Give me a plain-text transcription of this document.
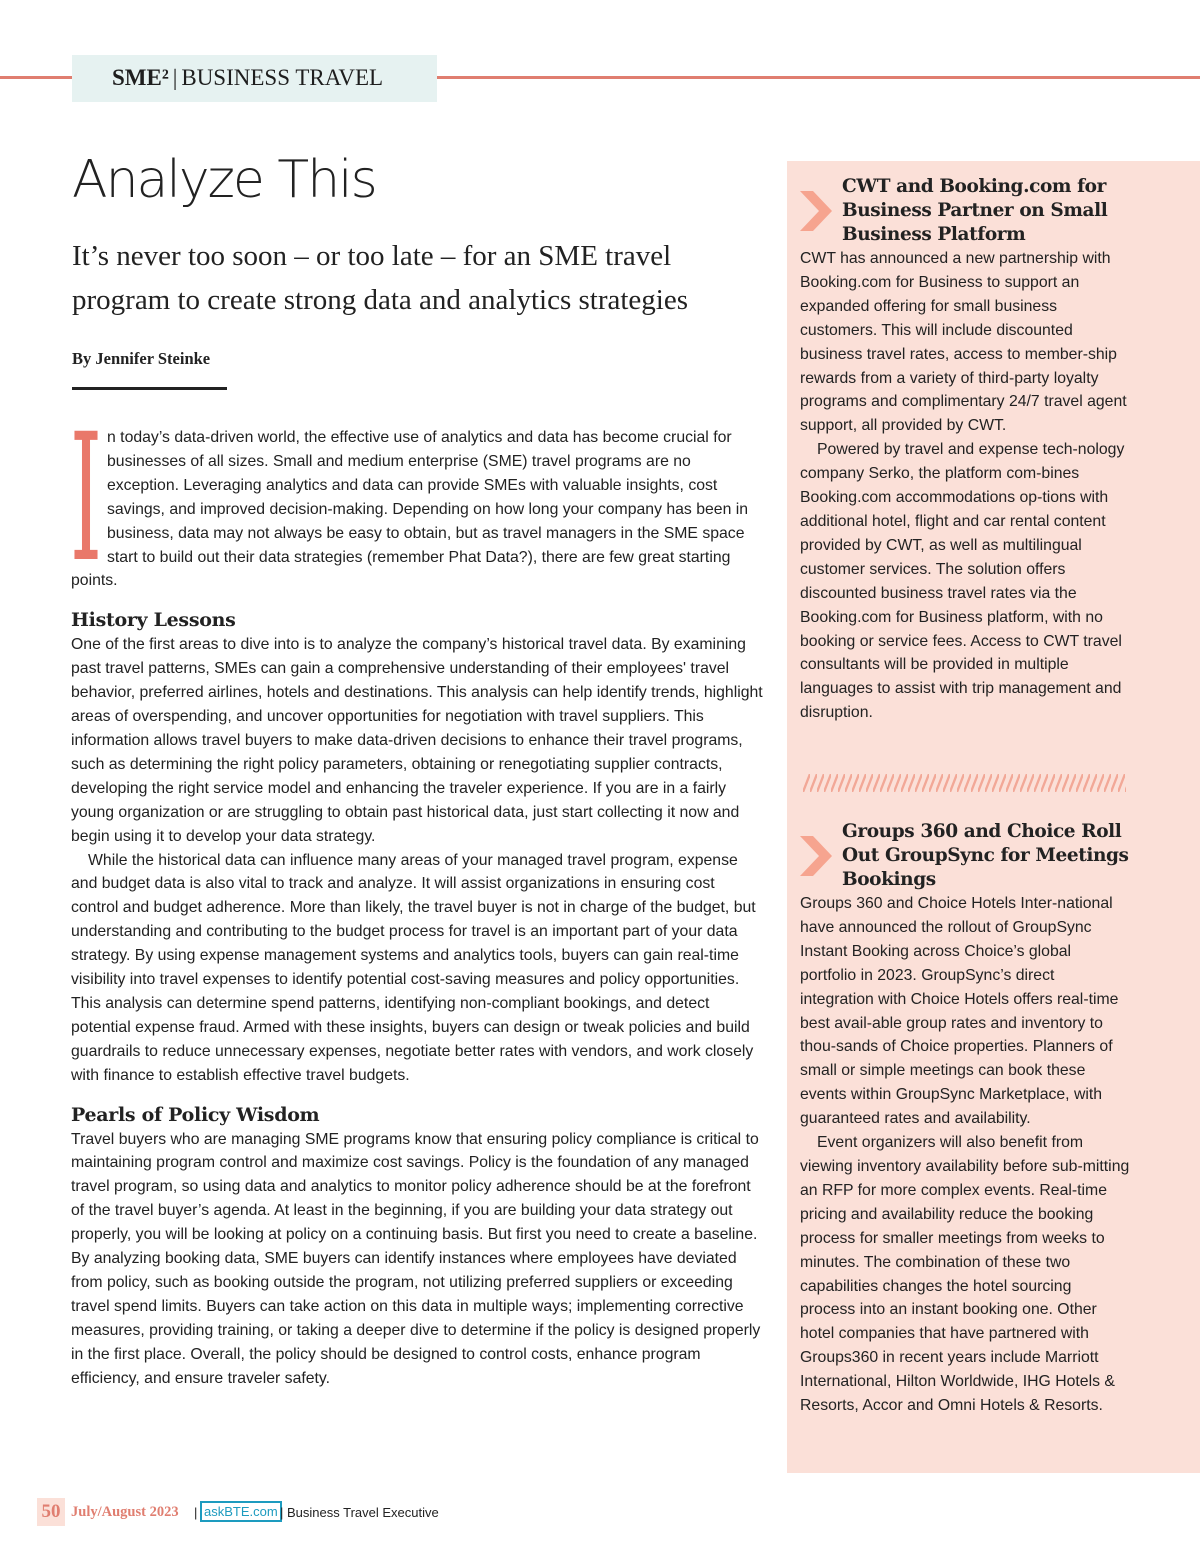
SME² | BUSINESS TRAVEL
Analyze This

It’s never too soon – or too late – for an SME travel program to create strong data and analytics strategies

By Jennifer Steinke
I n today’s data-driven world, the effective use of analytics and data has become crucial for businesses of all sizes. Small and medium enterprise (SME) travel programs are no exception. Leveraging analytics and data can provide SMEs with valuable insights, cost savings, and improved decision-making. Depending on how long your company has been in business, data may not always be easy to obtain, but as travel managers in the SME space start to build out their data strategies (remember Phat Data?), there are few great starting points.

History Lessons

One of the first areas to dive into is to analyze the company’s historical travel data. By examining past travel patterns, SMEs can gain a comprehensive understanding of their employees' travel behavior, preferred airlines, hotels and destinations. This analysis can help identify trends, highlight areas of overspending, and uncover opportunities for negotiation with travel suppliers. This information allows travel buyers to make data-driven decisions to enhance their travel programs, such as determining the right policy parameters, obtaining or renegotiating supplier contracts, developing the right service model and enhancing the traveler experience. If you are in a fairly young organization or are struggling to obtain past historical data, just start collecting it now and begin using it to develop your data strategy.

While the historical data can influence many areas of your managed travel program, expense and budget data is also vital to track and analyze. It will assist organizations in ensuring cost control and budget adherence. More than likely, the travel buyer is not in charge of the budget, but understanding and contributing to the budget process for travel is an important part of your data strategy. By using expense management systems and analytics tools, buyers can gain real-time visibility into travel expenses to identify potential cost-saving measures and policy opportunities. This analysis can determine spend patterns, identifying non-compliant bookings, and detect potential expense fraud. Armed with these insights, buyers can design or tweak policies and build guardrails to reduce unnecessary expenses, negotiate better rates with vendors, and work closely with finance to establish effective travel budgets.

Pearls of Policy Wisdom

Travel buyers who are managing SME programs know that ensuring policy compliance is critical to maintaining program control and maximize cost savings. Policy is the foundation of any managed travel program, so using data and analytics to monitor policy adherence should be at the forefront of the travel buyer’s agenda. At least in the beginning, if you are building your data strategy out properly, you will be looking at policy on a continuing basis. But first you need to create a baseline. By analyzing booking data, SME buyers can identify instances where employees have deviated from policy, such as booking outside the program, not utilizing preferred suppliers or exceeding travel spend limits. Buyers can take action on this data in multiple ways; implementing corrective measures, providing training, or taking a deeper dive to determine if the policy is designed properly in the first place. Overall, the policy should be designed to control costs, enhance program efficiency, and ensure traveler safety.

CWT and Booking.com for Business Partner on Small Business Platform

CWT has announced a new partnership with Booking.com for Business to support an expanded offering for small business customers. This will include discounted business travel rates, access to member-ship rewards from a variety of third-party loyalty programs and complimentary 24/7 travel agent support, all provided by CWT.

Powered by travel and expense tech-nology company Serko, the platform com-bines Booking.com accommodations op-tions with additional hotel, flight and car rental content provided by CWT, as well as multilingual customer services. The solution offers discounted business travel rates via the Booking.com for Business platform, with no booking or service fees. Access to CWT travel consultants will be provided in multiple languages to assist with trip management and disruption.

Groups 360 and Choice Roll Out GroupSync for Meetings Bookings

Groups 360 and Choice Hotels Inter-national have announced the rollout of GroupSync Instant Booking across Choice’s global portfolio in 2023. GroupSync’s direct integration with Choice Hotels offers real-time best avail-able group rates and inventory to thou-sands of Choice properties. Planners of small or simple meetings can book these events within GroupSync Marketplace, with guaranteed rates and availability.

Event organizers will also benefit from viewing inventory availability before sub-mitting an RFP for more complex events. Real-time pricing and availability reduce the booking process for smaller meetings from weeks to minutes. The combination of these two capabilities changes the hotel sourcing process into an instant booking one. Other hotel companies that have partnered with Groups360 in recent years include Marriott International, Hilton Worldwide, IHG Hotels & Resorts, Accor and Omni Hotels & Resorts.

50 July/August 2023 | askBTE.com | Business Travel Executive
